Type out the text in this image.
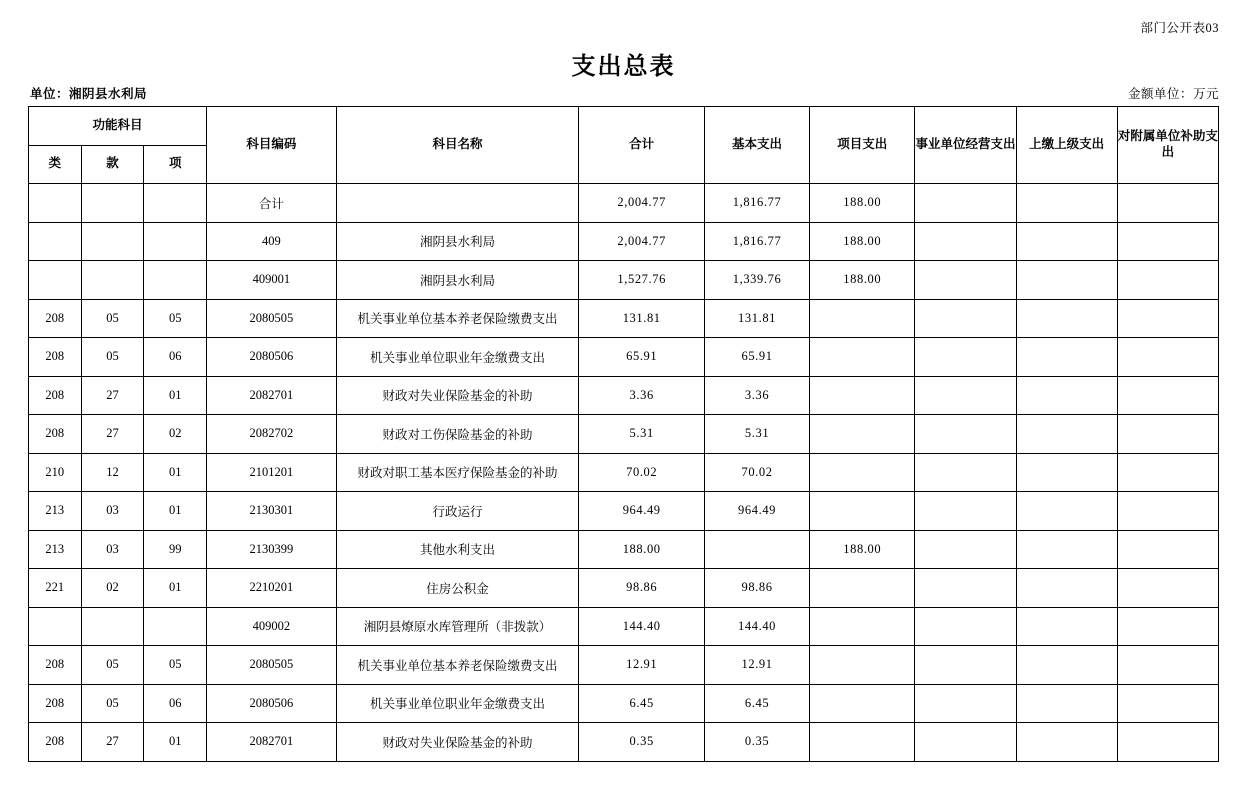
部门公开表03
支出总表
单位：湘阴县水利局	金额单位：万元
功能科目			科目编码	科目名称	合计	基本支出	项目支出	事业单位经营支出	上缴上级支出	对附属单位补助支出
类	款	项								
			合计		2,004.77	1,816.77	188.00			
			409	湘阴县水利局	2,004.77	1,816.77	188.00			
			409001	湘阴县水利局	1,527.76	1,339.76	188.00			
208	05	05	2080505	机关事业单位基本养老保险缴费支出	131.81	131.81				
208	05	06	2080506	机关事业单位职业年金缴费支出	65.91	65.91				
208	27	01	2082701	财政对失业保险基金的补助	3.36	3.36				
208	27	02	2082702	财政对工伤保险基金的补助	5.31	5.31				
210	12	01	2101201	财政对职工基本医疗保险基金的补助	70.02	70.02				
213	03	01	2130301	行政运行	964.49	964.49				
213	03	99	2130399	其他水利支出	188.00		188.00			
221	02	01	2210201	住房公积金	98.86	98.86				
			409002	湘阴县燎原水库管理所（非拨款）	144.40	144.40				
208	05	05	2080505	机关事业单位基本养老保险缴费支出	12.91	12.91				
208	05	06	2080506	机关事业单位职业年金缴费支出	6.45	6.45				
208	27	01	2082701	财政对失业保险基金的补助	0.35	0.35				
